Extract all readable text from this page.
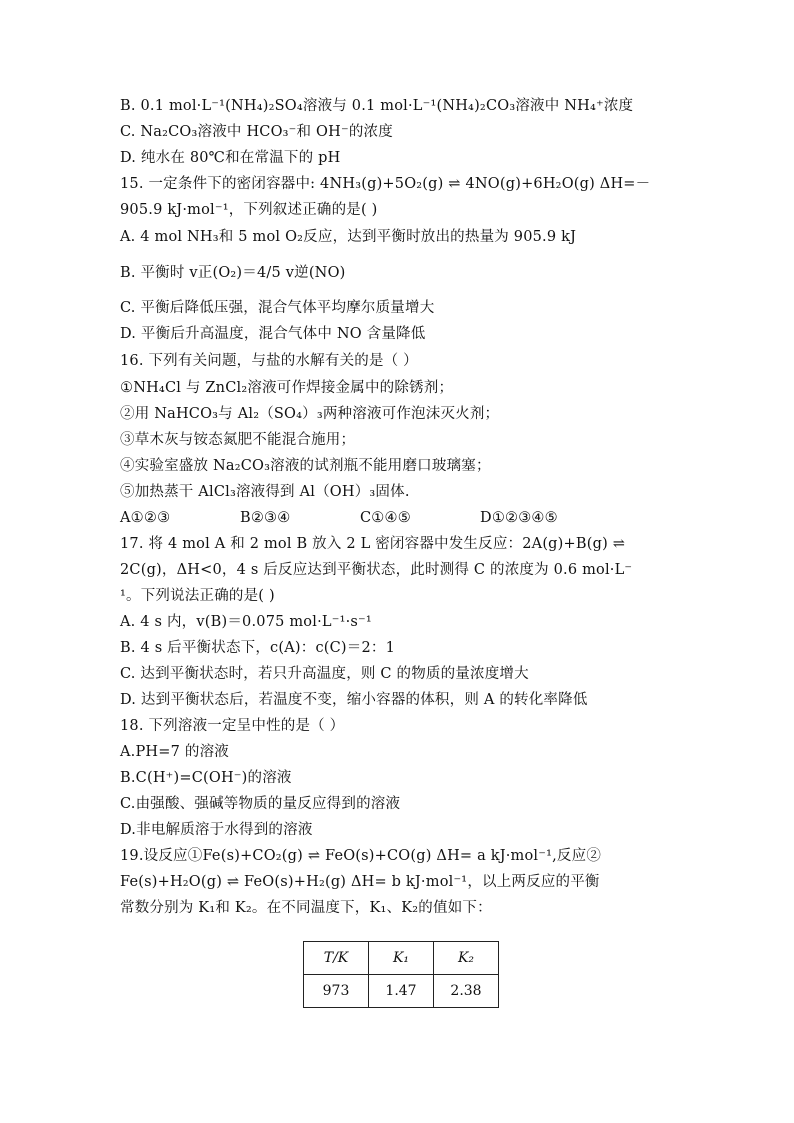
B. 0.1 mol·L⁻¹(NH₄)₂SO₄溶液与 0.1 mol·L⁻¹(NH₄)₂CO₃溶液中 NH₄⁺浓度
C. Na₂CO₃溶液中 HCO₃⁻和 OH⁻的浓度
D. 纯水在 80℃和在常温下的 pH
15. 一定条件下的密闭容器中: 4NH₃(g)+5O₂(g) ⇌ 4NO(g)+6H₂O(g) ΔH=－
905.9 kJ·mol⁻¹，下列叙述正确的是( )
A. 4 mol NH₃和 5 mol O₂反应，达到平衡时放出的热量为 905.9 kJ
B. 平衡时 v正(O₂)＝4/5 v逆(NO)
C. 平衡后降低压强，混合气体平均摩尔质量增大
D. 平衡后升高温度，混合气体中 NO 含量降低
16. 下列有关问题，与盐的水解有关的是（ ）
①NH₄Cl 与 ZnCl₂溶液可作焊接金属中的除锈剂；
②用 NaHCO₃与 Al₂（SO₄）₃两种溶液可作泡沫灭火剂；
③草木灰与铵态氮肥不能混合施用；
④实验室盛放 Na₂CO₃溶液的试剂瓶不能用磨口玻璃塞；
⑤加热蒸干 AlCl₃溶液得到 Al（OH）₃固体.
A①②③	B②③④	C①④⑤	D①②③④⑤
17. 将 4 mol A 和 2 mol B 放入 2 L 密闭容器中发生反应：2A(g)+B(g) ⇌
2C(g)，ΔH<0，4 s 后反应达到平衡状态，此时测得 C 的浓度为 0.6 mol·L⁻
¹。下列说法正确的是( )
A. 4 s 内，v(B)＝0.075 mol·L⁻¹·s⁻¹
B. 4 s 后平衡状态下，c(A)：c(C)＝2：1
C. 达到平衡状态时，若只升高温度，则 C 的物质的量浓度增大
D. 达到平衡状态后，若温度不变，缩小容器的体积，则 A 的转化率降低
18. 下列溶液一定呈中性的是（ ）
A.PH=7 的溶液
B.C(H⁺)=C(OH⁻)的溶液
C.由强酸、强碱等物质的量反应得到的溶液
D.非电解质溶于水得到的溶液
19.设反应①Fe(s)+CO₂(g) ⇌ FeO(s)+CO(g) ΔH= a kJ·mol⁻¹,反应②
Fe(s)+H₂O(g) ⇌ FeO(s)+H₂(g) ΔH= b kJ·mol⁻¹，以上两反应的平衡
常数分别为 K₁和 K₂。在不同温度下，K₁、K₂的值如下：
T/K	K₁	K₂
973	1.47	2.38
